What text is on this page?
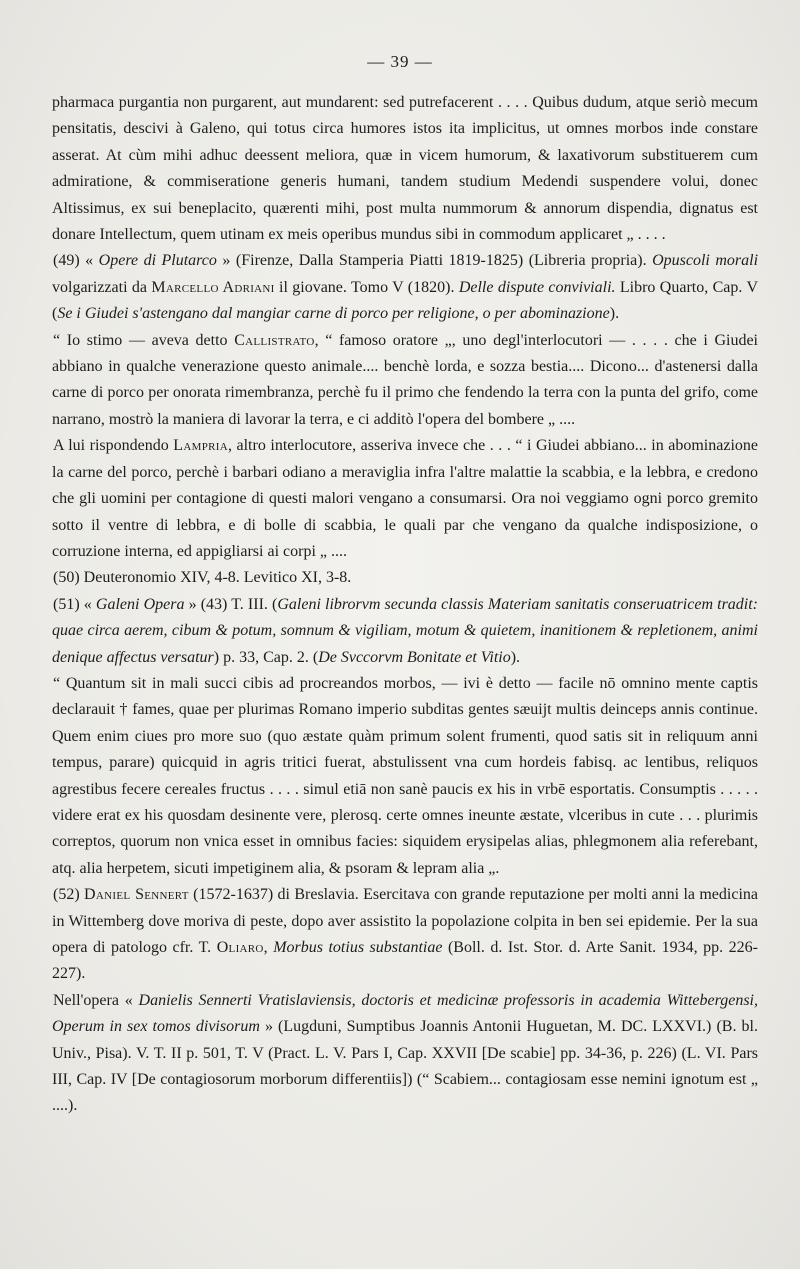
— 39 —

pharmaca purgantia non purgarent, aut mundarent: sed putrefacerent . . . . Quibus dudum, atque seriò mecum pensitatis, descivi à Galeno, qui totus circa humores istos ita implicitus, ut omnes morbos inde constare asserat. At cùm mihi adhuc deessent meliora, quæ in vicem humorum, & laxativorum substituerem cum admiratione, & commiseratione generis humani, tandem studium Medendi suspendere volui, donec Altissimus, ex sui beneplacito, quærenti mihi, post multa nummorum & annorum dispendia, dignatus est donare Intellectum, quem utinam ex meis operibus mundus sibi in commodum applicaret „ . . . .

(49) « Opere di Plutarco » (Firenze, Dalla Stamperia Piatti 1819-1825) (Libreria propria). Opuscoli morali volgarizzati da Marcello Adriani il giovane. Tomo V (1820). Delle dispute conviviali. Libro Quarto, Cap. V (Se i Giudei s'astengano dal mangiar carne di porco per religione, o per abominazione).

“ Io stimo — aveva detto Callistrato, “ famoso oratore „, uno degl'interlocutori — . . . . che i Giudei abbiano in qualche venerazione questo animale.... benchè lorda, e sozza bestia.... Dicono... d'astenersi dalla carne di porco per onorata rimembranza, perchè fu il primo che fendendo la terra con la punta del grifo, come narrano, mostrò la maniera di lavorar la terra, e ci additò l'opera del bombere „ ....

A lui rispondendo Lampria, altro interlocutore, asseriva invece che . . . “ i Giudei abbiano... in abominazione la carne del porco, perchè i barbari odiano a meraviglia infra l'altre malattie la scabbia, e la lebbra, e credono che gli uomini per contagione di questi malori vengano a consumarsi. Ora noi veggiamo ogni porco gremito sotto il ventre di lebbra, e di bolle di scabbia, le quali par che vengano da qualche indisposizione, o corruzione interna, ed appigliarsi ai corpi „ ....

(50) Deuteronomio XIV, 4-8. Levitico XI, 3-8.

(51) « Galeni Opera » (43) T. III. (Galeni librorvm secunda classis Materiam sanitatis conseruatricem tradit: quae circa aerem, cibum & potum, somnum & vigiliam, motum & quietem, inanitionem & repletionem, animi denique affectus versatur) p. 33, Cap. 2. (De Svccorvm Bonitate et Vitio).

“ Quantum sit in mali succi cibis ad procreandos morbos, — ivi è detto — facile nō omnino mente captis declarauit † fames, quae per plurimas Romano imperio subditas gentes sæuijt multis deinceps annis continue. Quem enim ciues pro more suo (quo æstate quàm primum solent frumenti, quod satis sit in reliquum anni tempus, parare) quicquid in agris tritici fuerat, abstulissent vna cum hordeis fabisq. ac lentibus, reliquos agrestibus fecere cereales fructus . . . . simul etiā non sanè paucis ex his in vrbē esportatis. Consumptis . . . . . videre erat ex his quosdam desinente vere, plerosq. certe omnes ineunte æstate, vlceribus in cute . . . plurimis correptos, quorum non vnica esset in omnibus facies: siquidem erysipelas alias, phlegmonem alia referebant, atq. alia herpetem, sicuti impetiginem alia, & psoram & lepram alia „.

(52) Daniel Sennert (1572-1637) di Breslavia. Esercitava con grande reputazione per molti anni la medicina in Wittemberg dove moriva di peste, dopo aver assistito la popolazione colpita in ben sei epidemie. Per la sua opera di patologo cfr. T. Oliaro, Morbus totius substantiae (Boll. d. Ist. Stor. d. Arte Sanit. 1934, pp. 226-227).

Nell'opera « Danielis Sennerti Vratislaviensis, doctoris et medicinæ professoris in academia Wittebergensi, Operum in sex tomos divisorum » (Lugduni, Sumptibus Joannis Antonii Huguetan, M. DC. LXXVI.) (B. bl. Univ., Pisa). V. T. II p. 501, T. V (Pract. L. V. Pars I, Cap. XXVII [De scabie] pp. 34-36, p. 226) (L. VI. Pars III, Cap. IV [De contagiosorum morborum differentiis]) (“ Scabiem... contagiosam esse nemini ignotum est „ ....).
